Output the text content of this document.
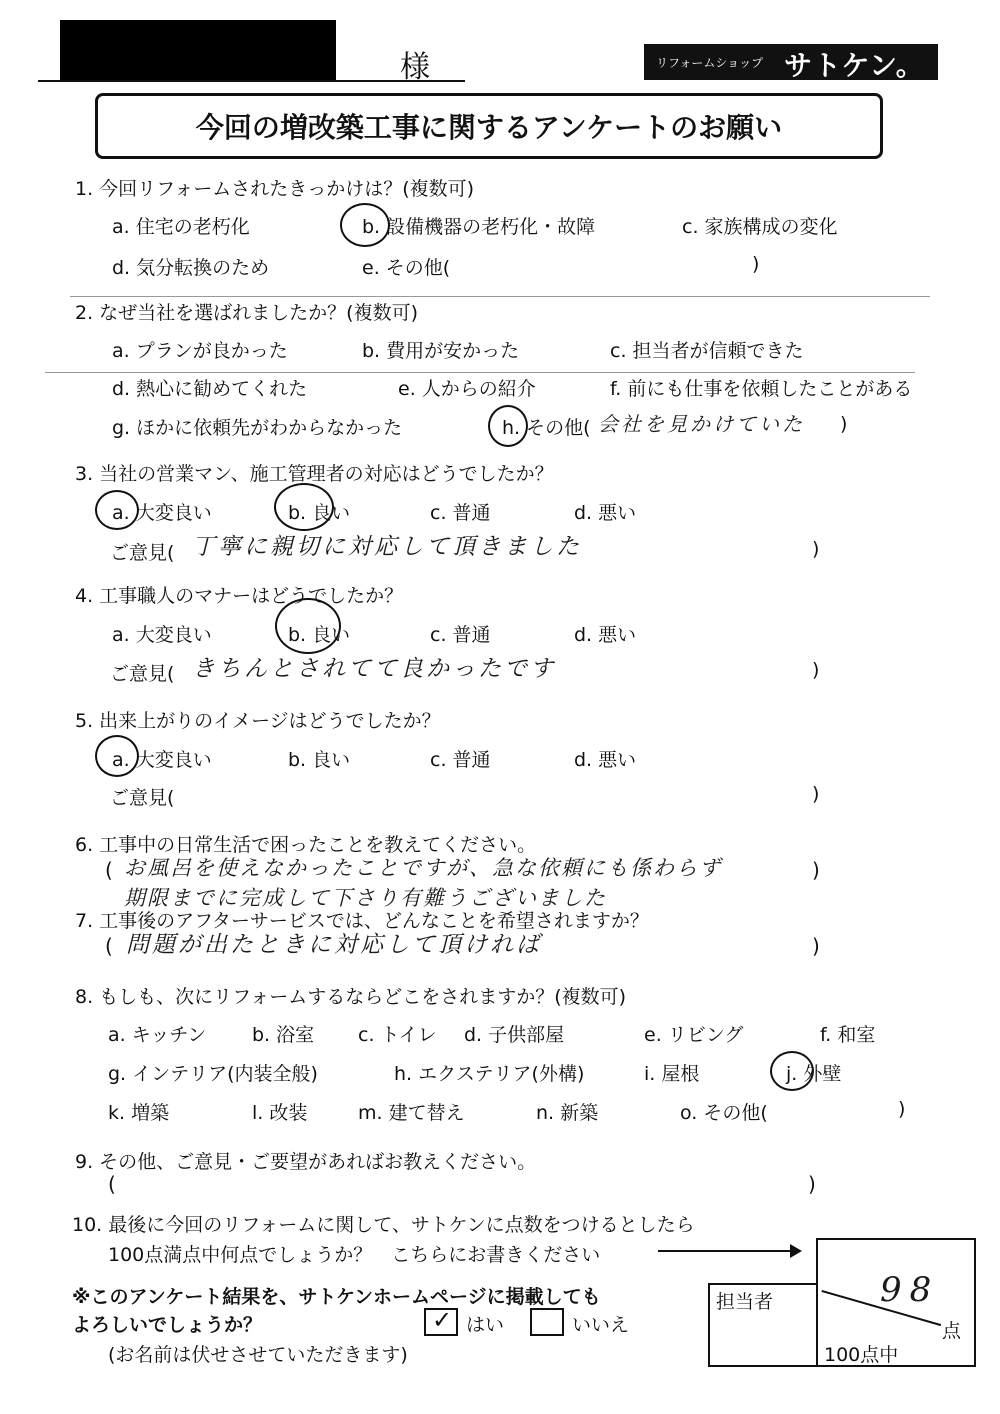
様	リフォームショップ サトケン。
今回の増改築工事に関するアンケートのお願い
1. 今回リフォームされたきっかけは？(複数可)
a. 住宅の老朽化	b. 設備機器の老朽化・故障	c. 家族構成の変化
d. 気分転換のため	e. その他(	)
2. なぜ当社を選ばれましたか？(複数可)
a. プランが良かった	b. 費用が安かった	c. 担当者が信頼できた
d. 熱心に勧めてくれた	e. 人からの紹介	f. 前にも仕事を依頼したことがある
g. ほかに依頼先がわからなかった	h. その他( 会社を見かけていた )
3. 当社の営業マン、施工管理者の対応はどうでしたか？
a. 大変良い	b. 良い	c. 普通	d. 悪い
ご意見( 丁寧に親切に対応して頂きました	)
4. 工事職人のマナーはどうでしたか？
a. 大変良い	b. 良い	c. 普通	d. 悪い
ご意見( きちんとされてて良かったです	)
5. 出来上がりのイメージはどうでしたか？
a. 大変良い	b. 良い	c. 普通	d. 悪い
ご意見(	)
6. 工事中の日常生活で困ったことを教えてください。
( お風呂を使えなかったことですが、急な依頼にも係わらず	)
期限までに完成して下さり有難うございました
7. 工事後のアフターサービスでは、どんなことを希望されますか？
( 問題が出たときに対応して頂ければ	)
8. もしも、次にリフォームするならどこをされますか？(複数可)
a. キッチン b. 浴室 c. トイレ d. 子供部屋	e. リビング	f. 和室
g. インテリア(内装全般)	h. エクステリア(外構)	i. 屋根	j. 外壁
k. 増築	l. 改装	m. 建て替え	n. 新築	o. その他(	)
9. その他、ご意見・ご要望があればお教えください。
(	)
10. 最後に今回のリフォームに関して、サトケンに点数をつけるとしたら
100点満点中何点でしょうか？　こちらにお書きください
※このアンケート結果を、サトケンホームページに掲載しても
よろしいでしょうか？	✓ はい	いいえ
(お名前は伏せさせていただきます)
担当者	98
点
100点中
